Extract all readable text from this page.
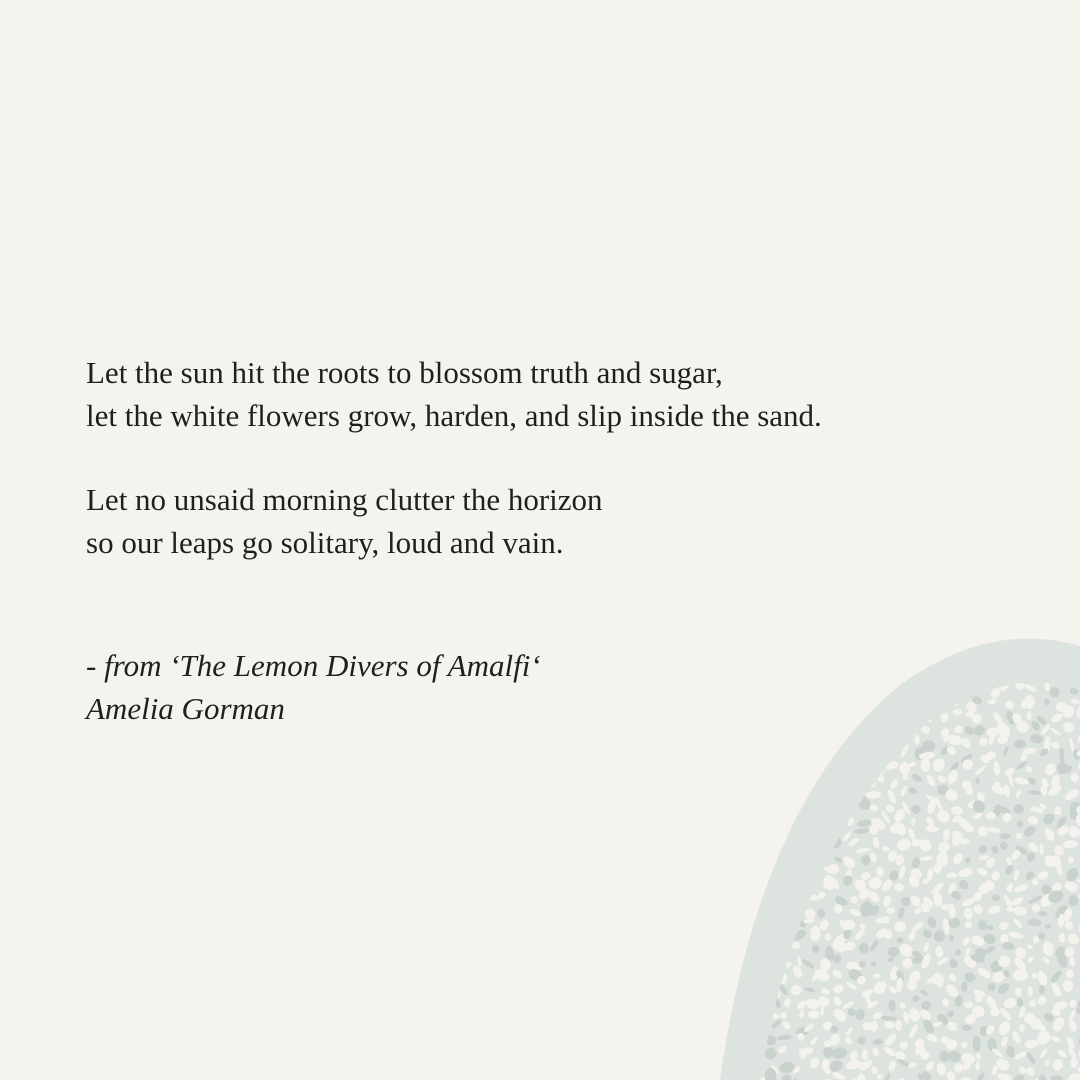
Let the sun hit the roots to blossom truth and sugar,
let the white flowers grow, harden, and slip inside the sand.
Let no unsaid morning clutter the horizon
so our leaps go solitary, loud and vain.
- from ‘The Lemon Divers of Amalfi‘
Amelia Gorman
